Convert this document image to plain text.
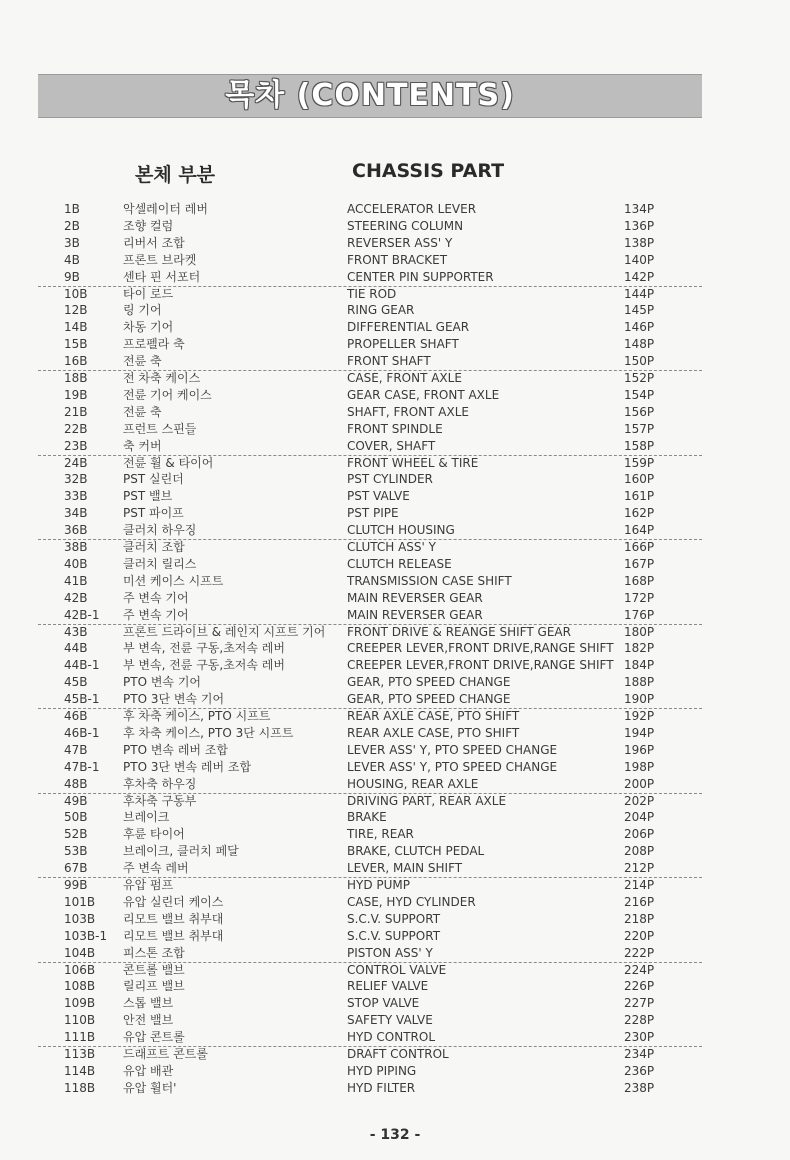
목차 (CONTENTS)
본체 부분	CHASSIS PART
1B	악셀레이터 레버	ACCELERATOR LEVER	134P
2B	조향 컬럼	STEERING COLUMN	136P
3B	리버서 조합	REVERSER ASS' Y	138P
4B	프론트 브라켓	FRONT BRACKET	140P
9B	센타 핀 서포터	CENTER PIN SUPPORTER	142P
10B	타이 로드	TIE ROD	144P
12B	링 기어	RING GEAR	145P
14B	차동 기어	DIFFERENTIAL GEAR	146P
15B	프로펠라 축	PROPELLER SHAFT	148P
16B	전륜 축	FRONT SHAFT	150P
18B	전 차축 케이스	CASE, FRONT AXLE	152P
19B	전륜 기어 케이스	GEAR CASE, FRONT AXLE	154P
21B	전륜 축	SHAFT, FRONT AXLE	156P
22B	프런트 스핀들	FRONT SPINDLE	157P
23B	축 커버	COVER, SHAFT	158P
24B	전륜 휠 & 타이어	FRONT WHEEL & TIRE	159P
32B	PST 실린더	PST CYLINDER	160P
33B	PST 밸브	PST VALVE	161P
34B	PST 파이프	PST PIPE	162P
36B	클러치 하우징	CLUTCH HOUSING	164P
38B	클러치 조합	CLUTCH ASS' Y	166P
40B	클러치 릴리스	CLUTCH RELEASE	167P
41B	미션 케이스 시프트	TRANSMISSION CASE SHIFT	168P
42B	주 변속 기어	MAIN REVERSER GEAR	172P
42B-1 주 변속 기어	MAIN REVERSER GEAR	176P
43B	프론트 드라이브 & 레인지 시프트 기어 FRONT DRIVE & REANGE SHIFT GEAR	180P
44B	부 변속, 전륜 구동,초저속 레버	CREEPER LEVER,FRONT DRIVE,RANGE SHIFT 182P
44B-1 부 변속, 전륜 구동,초저속 레버	CREEPER LEVER,FRONT DRIVE,RANGE SHIFT 184P
45B	PTO 변속 기어	GEAR, PTO SPEED CHANGE	188P
45B-1 PTO 3단 변속 기어	GEAR, PTO SPEED CHANGE	190P
46B	후 차축 케이스, PTO 시프트	REAR AXLE CASE, PTO SHIFT	192P
46B-1 후 차축 케이스, PTO 3단 시프트	REAR AXLE CASE, PTO SHIFT	194P
47B	PTO 변속 레버 조합	LEVER ASS' Y, PTO SPEED CHANGE	196P
47B-1 PTO 3단 변속 레버 조합	LEVER ASS' Y, PTO SPEED CHANGE	198P
48B	후차축 하우징	HOUSING, REAR AXLE	200P
49B	후차축 구동부	DRIVING PART, REAR AXLE	202P
50B	브레이크	BRAKE	204P
52B	후륜 타이어	TIRE, REAR	206P
53B	브레이크, 클러치 페달	BRAKE, CLUTCH PEDAL	208P
67B	주 변속 레버	LEVER, MAIN SHIFT	212P
99B	유압 펌프	HYD PUMP	214P
101B 유압 실린더 케이스	CASE, HYD CYLINDER	216P
103B 리모트 밸브 취부대	S.C.V. SUPPORT	218P
103B-1 리모트 밸브 취부대	S.C.V. SUPPORT	220P
104B 피스톤 조합	PISTON ASS' Y	222P
106B 콘트롤 밸브	CONTROL VALVE	224P
108B 릴리프 밸브	RELIEF VALVE	226P
109B 스톱 밸브	STOP VALVE	227P
110B 안전 밸브	SAFETY VALVE	228P
111B 유압 콘트롤	HYD CONTROL	230P
113B 드래프트 콘트롤	DRAFT CONTROL	234P
114B 유압 배관	HYD PIPING	236P
118B 유압 휠터'	HYD FILTER	238P
- 132 -
